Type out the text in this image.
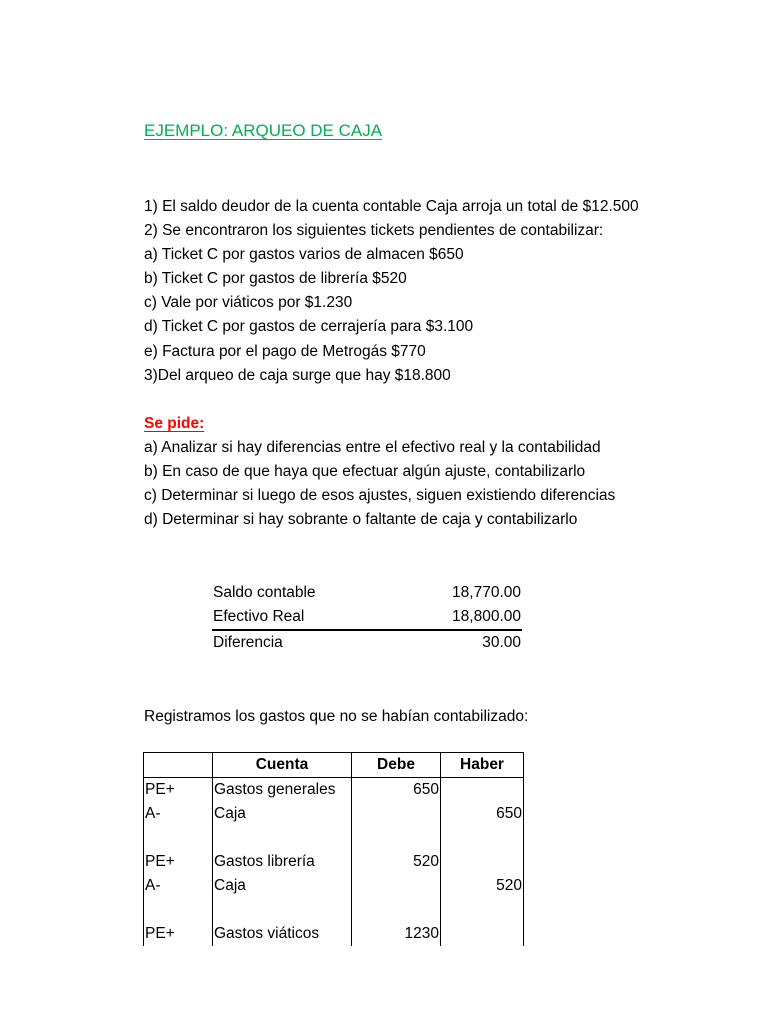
EJEMPLO: ARQUEO DE CAJA

1) El saldo deudor de la cuenta contable Caja arroja un total de $12.500

2) Se encontraron los siguientes tickets pendientes de contabilizar:

a) Ticket C por gastos varios de almacen $650

b) Ticket C por gastos de librería $520

c) Vale por viáticos por $1.230

d) Ticket C por gastos de cerrajería para $3.100

e) Factura por el pago de Metrogás $770

3)Del arqueo de caja surge que hay $18.800

Se pide:

a) Analizar si hay diferencias entre el efectivo real y la contabilidad

b) En caso de que haya que efectuar algún ajuste, contabilizarlo

c) Determinar si luego de esos ajustes, siguen existiendo diferencias

d) Determinar si hay sobrante o faltante de caja y contabilizarlo

Saldo contable	18,770.00
Efectivo Real	18,800.00
Diferencia	30.00

Registramos los gastos que no se habían contabilizado:

	Cuenta	Debe	Haber
PE+	Gastos generales	650	
A-	Caja		650

PE+	Gastos librería	520	
A-	Caja		520

PE+	Gastos viáticos	1230	
